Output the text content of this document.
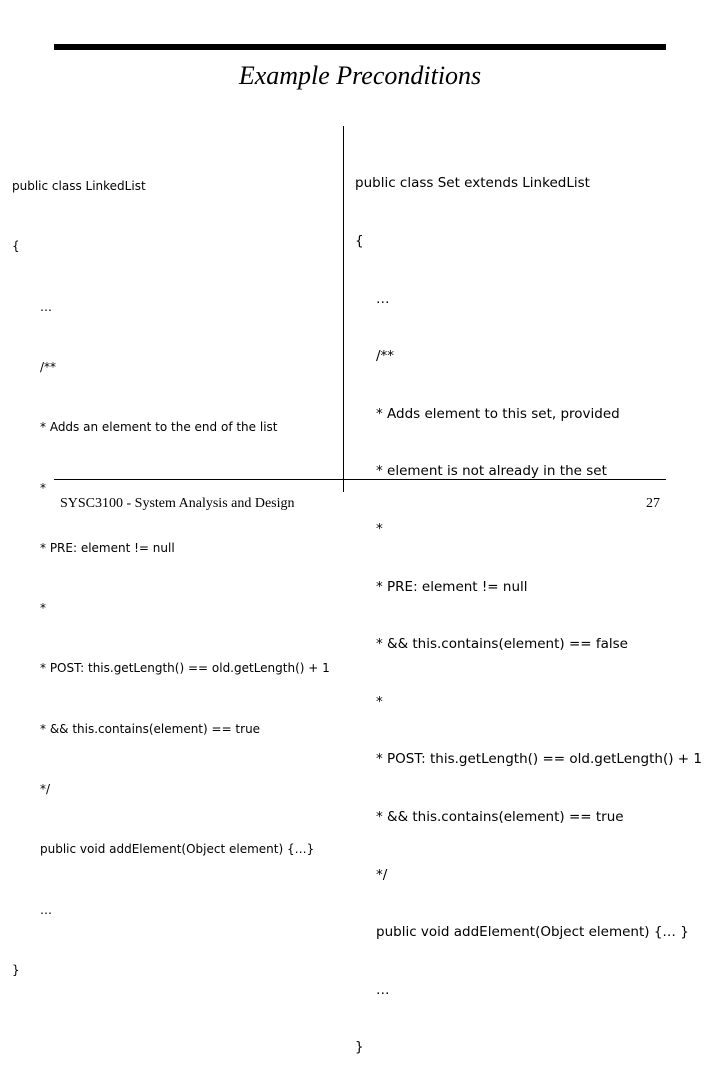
Example Preconditions

public class LinkedList

{

…

/**

* Adds an element to the end of the list

*

* PRE: element != null

*

* POST: this.getLength() == old.getLength() + 1

* && this.contains(element) == true

*/

public void addElement(Object element) {…}

…

}

public class Set extends LinkedList

{

…

/**

* Adds element to this set, provided

* element is not already in the set

*

* PRE: element != null

* && this.contains(element) == false

*

* POST: this.getLength() == old.getLength() + 1

* && this.contains(element) == true

*/

public void addElement(Object element) {… }

…

}

SYSC3100 - System Analysis and Design	27
